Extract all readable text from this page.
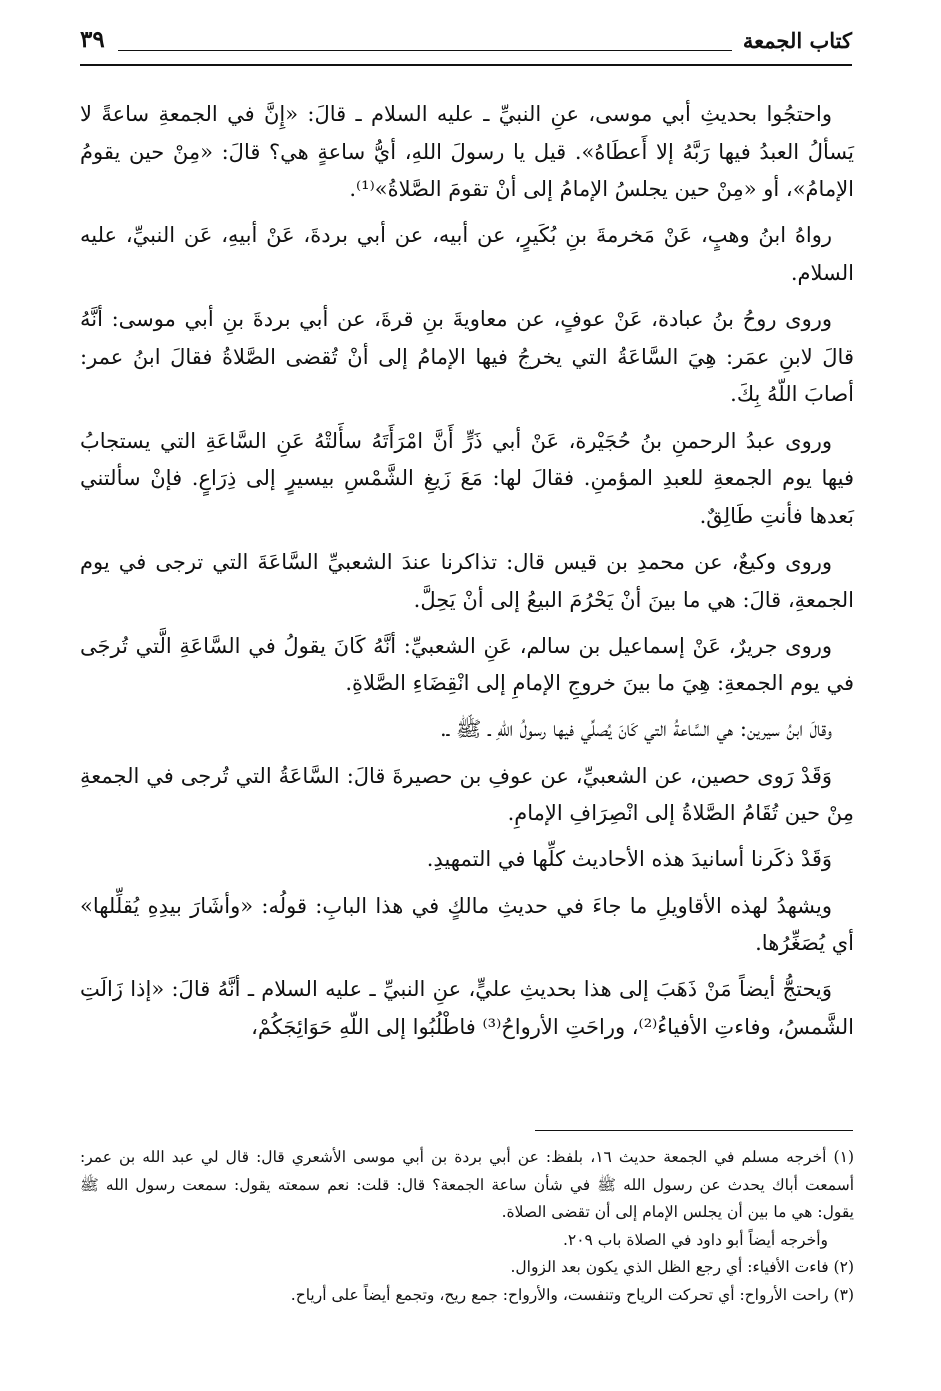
كتاب الجمعة
٣٩

واحتجُوا بحديثِ أبي موسى، عنِ النبيِّ ـ عليه السلام ـ قالَ: «إِنَّ في الجمعةِ ساعةً لا يَسألُ العبدُ فيها رَبَّهُ إلا أَعطَاهُ». قيل يا رسولَ اللهِ، أيُّ ساعةٍ هي؟ قالَ: «مِنْ حين يقومُ الإمامُ»، أو «مِنْ حين يجلسُ الإمامُ إلى أنْ تقومَ الصَّلاةُ»⁽¹⁾.

رواهُ ابنُ وهبٍ، عَنْ مَخرمةَ بنِ بُكَيرٍ، عن أبيه، عن أبي بردةَ، عَنْ أبيهِ، عَن النبيِّ، عليه السلام.

وروى روحُ بنُ عبادة، عَنْ عوفٍ، عن معاويةَ بنِ قرةَ، عن أبي بردةَ بنِ أبي موسى: أنَّهُ قالَ لابنِ عمَر: هِيَ السَّاعَةُ التي يخرجُ فيها الإمامُ إلى أنْ تُقضى الصَّلاةُ فقالَ ابنُ عمر: أصابَ اللّهُ بِكَ.

وروى عبدُ الرحمنِ بنُ حُجَيْرة، عَنْ أبي ذَرٍّ أَنَّ امْرَأَتَهُ سأَلتْهُ عَنِ السَّاعَةِ التي يستجابُ فيها يوم الجمعةِ للعبدِ المؤمنِ. فقالَ لها: مَعَ زَيغِ الشَّمْسِ بيسيرٍ إلى ذِرَاعٍ. فإنْ سألتني بَعدها فأنتِ طَالِقٌ.

وروى وكيعٌ، عن محمدِ بن قيس قال: تذاكرنا عندَ الشعبيِّ السَّاعَةَ التي ترجى في يوم الجمعةِ، قالَ: هي ما بينَ أنْ يَحْرُمَ البيعُ إلى أنْ يَحِلَّ.

وروى جريرٌ، عَنْ إسماعيل بن سالم، عَنِ الشعبيِّ: أنَّهُ كَانَ يقولُ في السَّاعَةِ الَّتي تُرجَى في يوم الجمعةِ: هِيَ ما بينَ خروجِ الإمامِ إلى انْقِضَاءِ الصَّلاةِ.

وقالَ ابنُ سيرين: هي السَّاعةُ التي كَانَ يُصلِّي فيها رسولُ اللّهِ ـ ﷺ ـ.

وَقَدْ رَوى حصين، عن الشعبيِّ، عن عوفِ بن حصيرةَ قالَ: السَّاعَةُ التي تُرجى في الجمعةِ مِنْ حين تُقَامُ الصَّلاةُ إلى انْصِرَافِ الإمامِ.

وَقَدْ ذكَرنا أسانيدَ هذه الأحاديث كلِّها في التمهيدِ.

ويشهدُ لهذه الأقاويلِ ما جاءَ في حديثِ مالكٍ في هذا البابِ: قولُه: «وأشَارَ بيدِهِ يُقلِّلها» أي يُصَغِّرُها.

وَيحتجُّ أيضاً مَنْ ذَهَبَ إلى هذا بحديثِ عليٍّ، عنِ النبيِّ ـ عليه السلام ـ أنَّهُ قالَ: «إذا زَالَتِ الشَّمسُ، وفاءتِ الأفياءُ⁽²⁾، وراحَتِ الأرواحُ⁽³⁾ فاطْلُبُوا إلى اللّهِ حَوَائِجَكُمْ،

(١) أخرجه مسلم في الجمعة حديث ١٦، بلفظ: عن أبي بردة بن أبي موسى الأشعري قال: قال لي عبد الله بن عمر: أسمعت أباك يحدث عن رسول الله ﷺ في شأن ساعة الجمعة؟ قال: قلت: نعم سمعته يقول: سمعت رسول الله ﷺ يقول: هي ما بين أن يجلس الإمام إلى أن تقضى الصلاة.

وأخرجه أيضاً أبو داود في الصلاة باب ٢٠٩.

(٢) فاءت الأفياء: أي رجع الظل الذي يكون بعد الزوال.

(٣) راحت الأرواح: أي تحركت الرياح وتنفست، والأرواح: جمع ريح، وتجمع أيضاً على أرياح.
